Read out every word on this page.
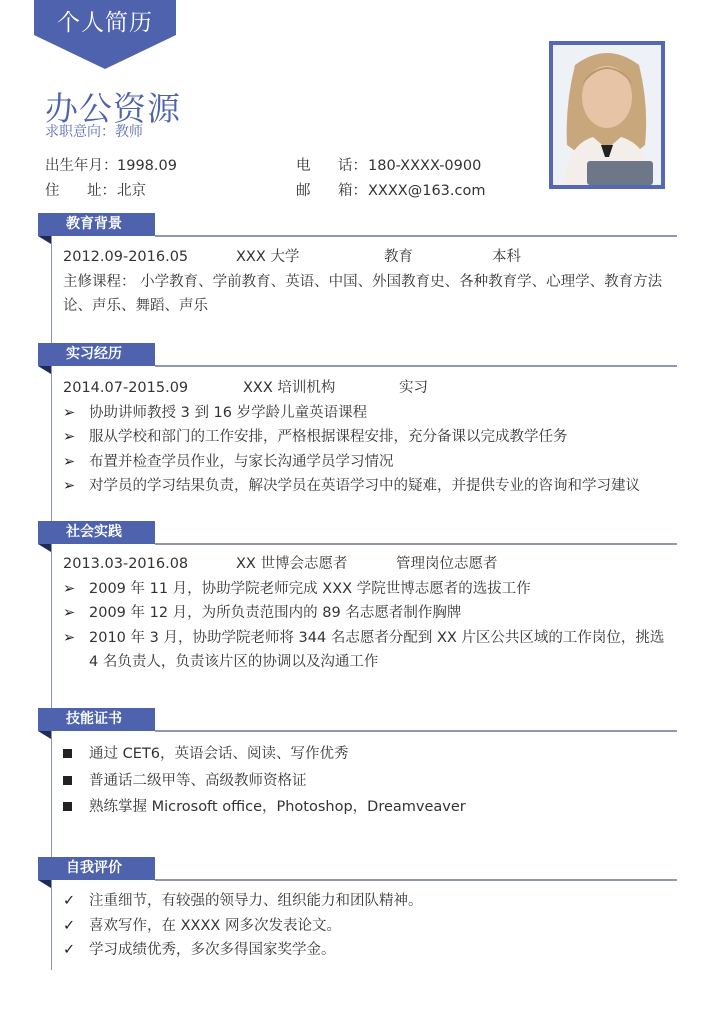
个人简历
办公资源
求职意向：教师
出生年月：1998.09
住 址：北京
电 话：180-XXXX-0900
邮 箱：XXXX@163.com
教育背景
2012.09-2016.05	XXX 大学	教育	本科
主修课程： 小学教育、学前教育、英语、中国、外国教育史、各种教育学、心理学、教育方法论、声乐、舞蹈、声乐
实习经历
2014.07-2015.09	XXX 培训机构	实习
➢ 协助讲师教授 3 到 16 岁学龄儿童英语课程
➢ 服从学校和部门的工作安排，严格根据课程安排，充分备课以完成教学任务
➢ 布置并检查学员作业，与家长沟通学员学习情况
➢ 对学员的学习结果负责，解决学员在英语学习中的疑难，并提供专业的咨询和学习建议
社会实践
2013.03-2016.08	XX 世博会志愿者	管理岗位志愿者
➢ 2009 年 11 月，协助学院老师完成 XXX 学院世博志愿者的选拔工作
➢ 2009 年 12 月，为所负责范围内的 89 名志愿者制作胸牌
➢ 2010 年 3 月，协助学院老师将 344 名志愿者分配到 XX 片区公共区域的工作岗位，挑选 4 名负责人，负责该片区的协调以及沟通工作
技能证书
通过 CET6，英语会话、阅读、写作优秀
普通话二级甲等、高级教师资格证
熟练掌握 Microsoft office，Photoshop，Dreamveaver
自我评价
✓ 注重细节，有较强的领导力、组织能力和团队精神。
✓ 喜欢写作，在 XXXX 网多次发表论文。
✓ 学习成绩优秀，多次多得国家奖学金。
